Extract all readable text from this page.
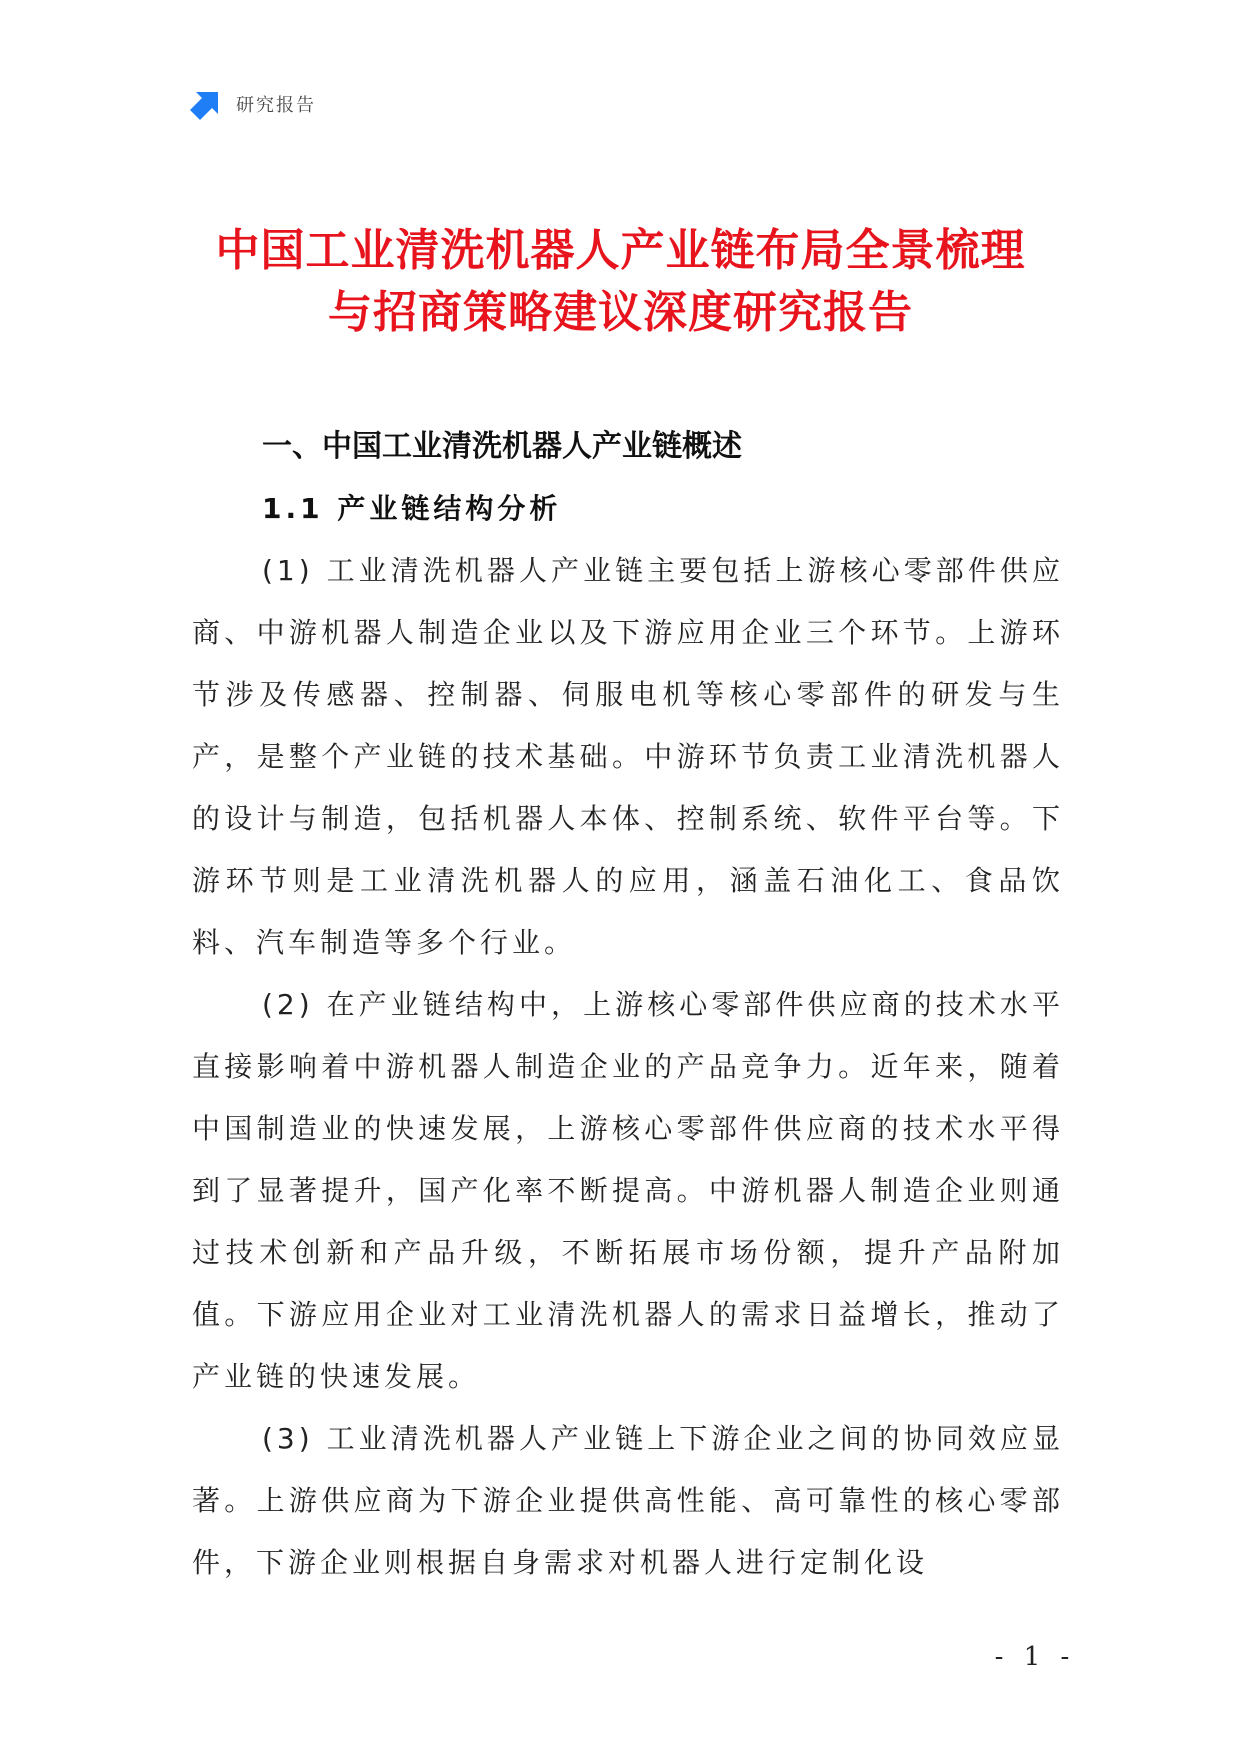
研究报告
中国工业清洗机器人产业链布局全景梳理
与招商策略建议深度研究报告
一、中国工业清洗机器人产业链概述
1.1 产业链结构分析

(1) 工业清洗机器人产业链主要包括上游核心零部件供应商、中游机器人制造企业以及下游应用企业三个环节。上游环节涉及传感器、控制器、伺服电机等核心零部件的研发与生产，是整个产业链的技术基础。中游环节负责工业清洗机器人的设计与制造，包括机器人本体、控制系统、软件平台等。下游环节则是工业清洗机器人的应用，涵盖石油化工、食品饮料、汽车制造等多个行业。

(2) 在产业链结构中，上游核心零部件供应商的技术水平直接影响着中游机器人制造企业的产品竞争力。近年来，随着中国制造业的快速发展，上游核心零部件供应商的技术水平得到了显著提升，国产化率不断提高。中游机器人制造企业则通过技术创新和产品升级，不断拓展市场份额，提升产品附加值。下游应用企业对工业清洗机器人的需求日益增长，推动了产业链的快速发展。

(3) 工业清洗机器人产业链上下游企业之间的协同效应显著。上游供应商为下游企业提供高性能、高可靠性的核心零部件，下游企业则根据自身需求对机器人进行定制化设

- 1 -
